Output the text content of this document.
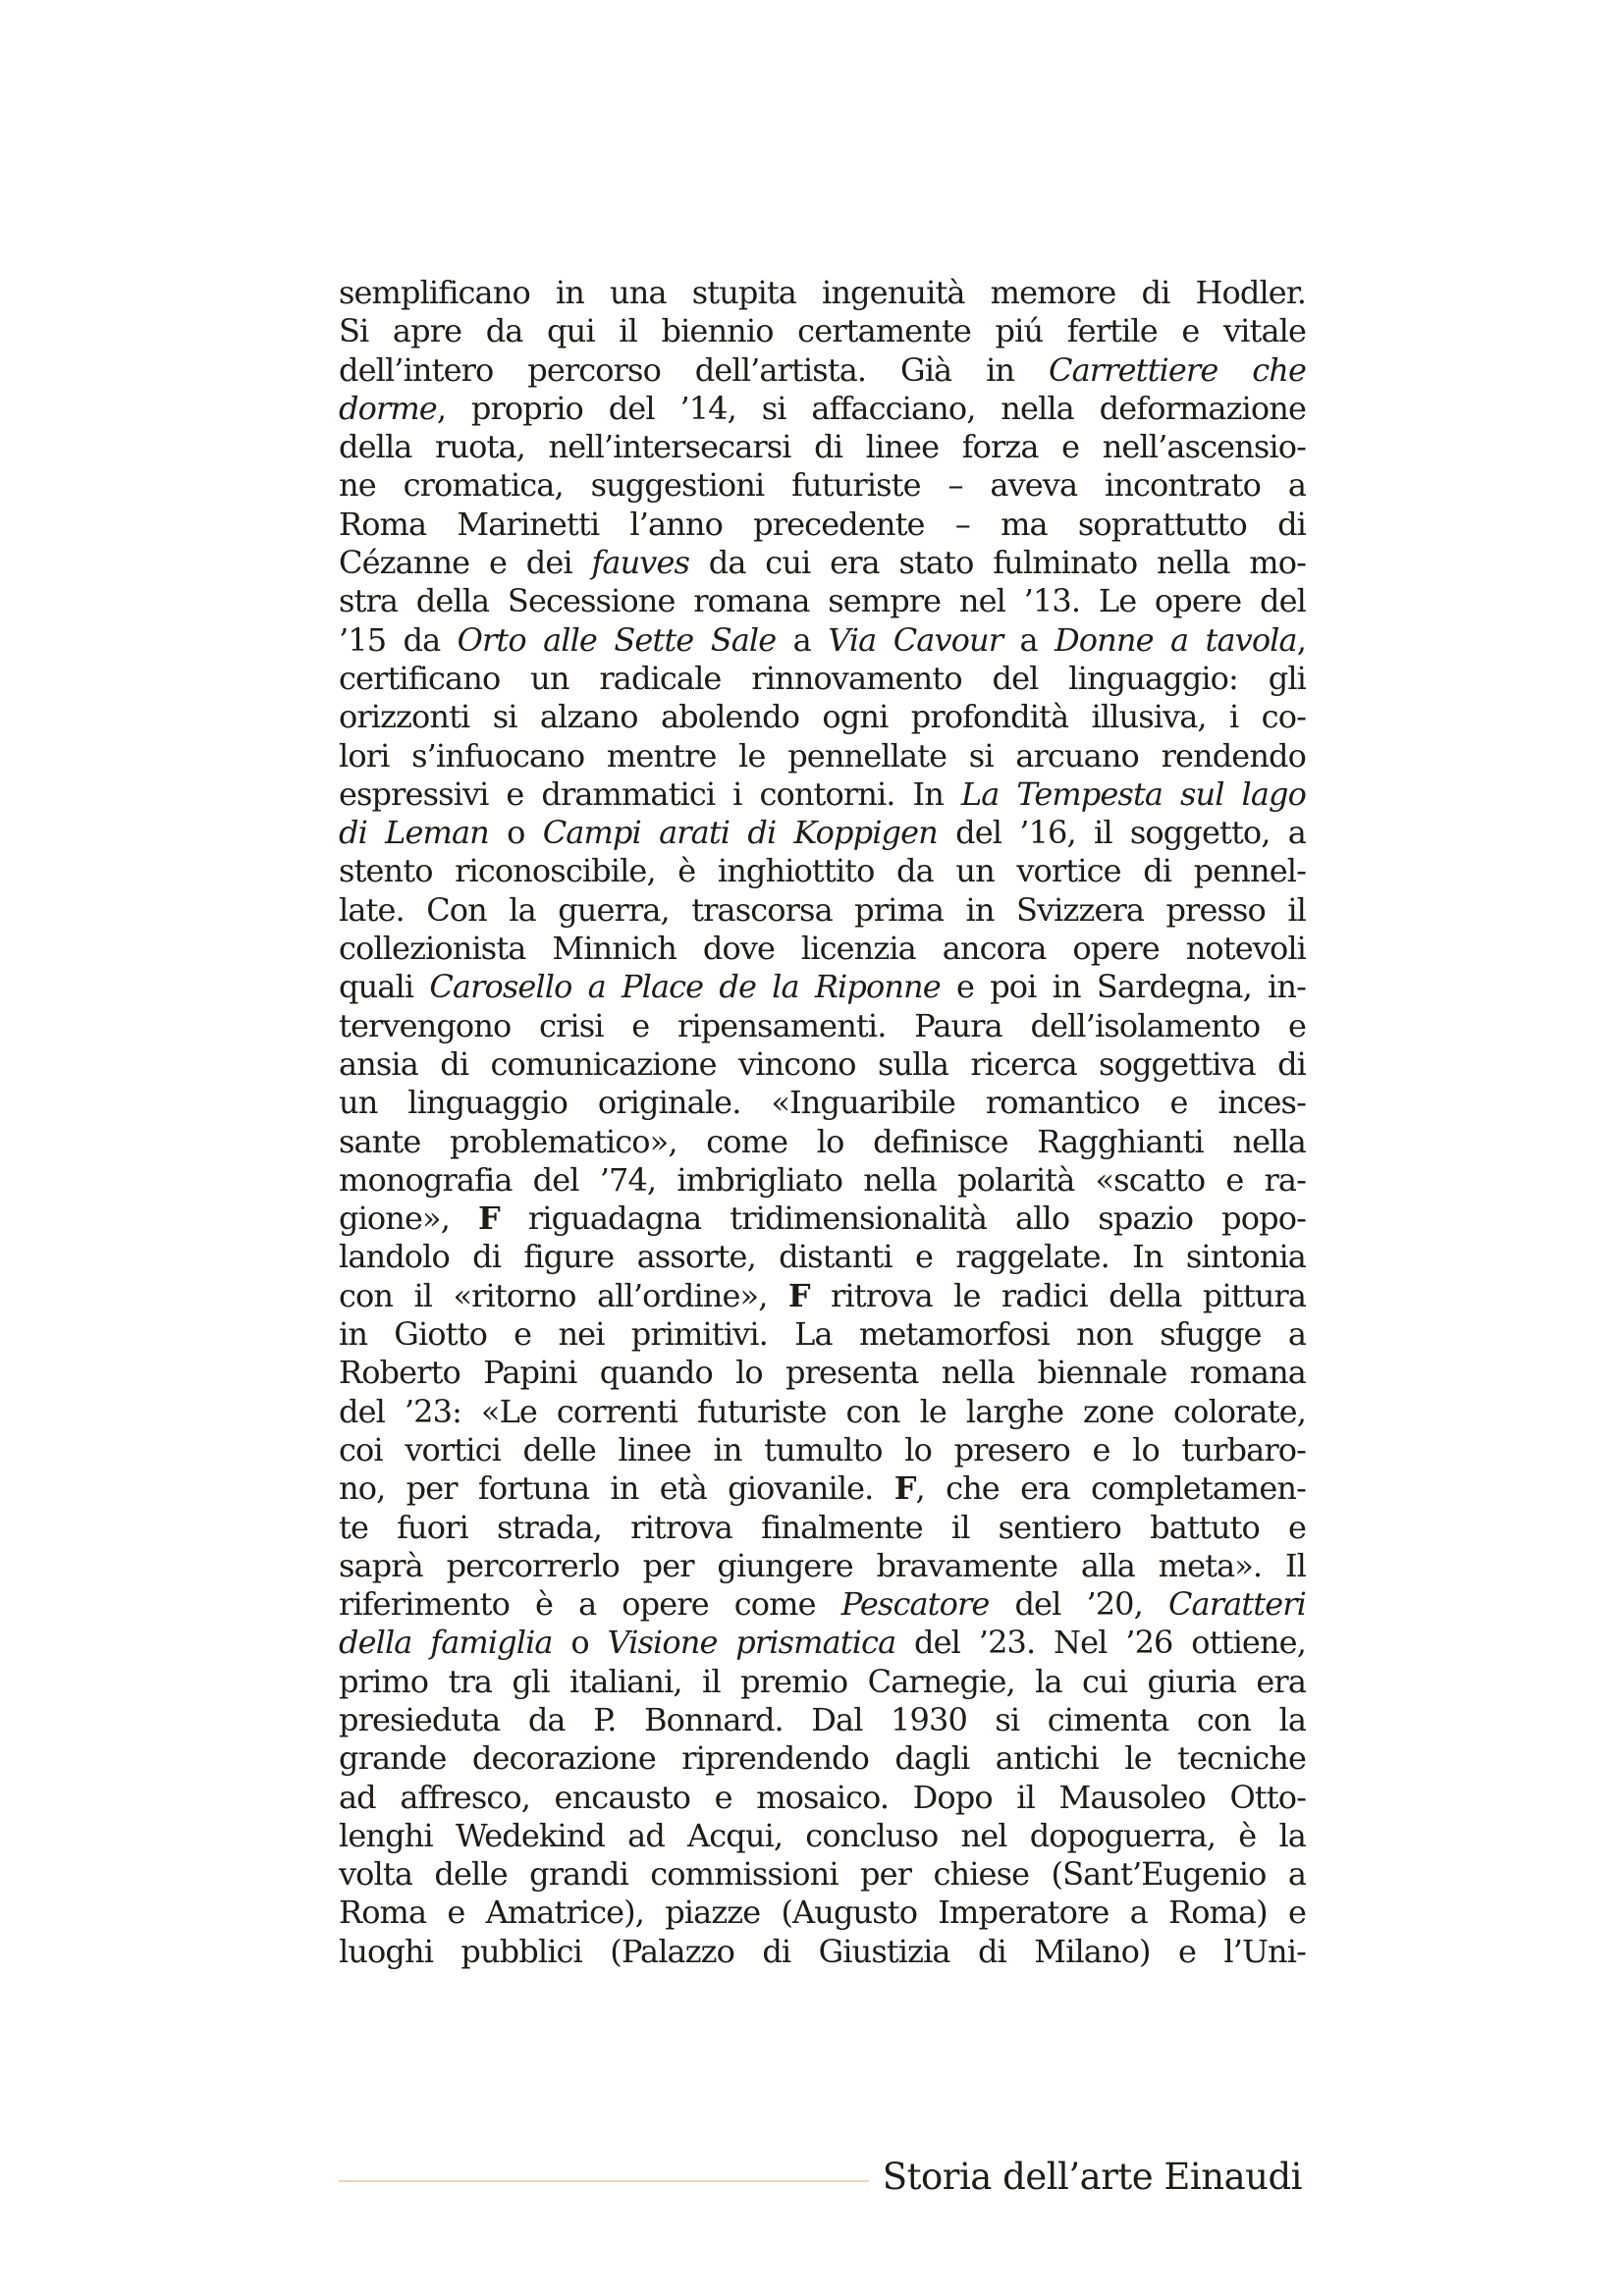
semplificano in una stupita ingenuità memore di Hodler.
Si apre da qui il biennio certamente piú fertile e vitale
dell’intero percorso dell’artista. Già in Carrettiere che
dorme, proprio del ’14, si affacciano, nella deformazione
della ruota, nell’intersecarsi di linee forza e nell’ascensio-
ne cromatica, suggestioni futuriste – aveva incontrato a
Roma Marinetti l’anno precedente – ma soprattutto di
Cézanne e dei fauves da cui era stato fulminato nella mo-
stra della Secessione romana sempre nel ’13. Le opere del
’15 da Orto alle Sette Sale a Via Cavour a Donne a tavola,
certificano un radicale rinnovamento del linguaggio: gli
orizzonti si alzano abolendo ogni profondità illusiva, i co-
lori s’infuocano mentre le pennellate si arcuano rendendo
espressivi e drammatici i contorni. In La Tempesta sul lago
di Leman o Campi arati di Koppigen del ’16, il soggetto, a
stento riconoscibile, è inghiottito da un vortice di pennel-
late. Con la guerra, trascorsa prima in Svizzera presso il
collezionista Minnich dove licenzia ancora opere notevoli
quali Carosello a Place de la Riponne e poi in Sardegna, in-
tervengono crisi e ripensamenti. Paura dell’isolamento e
ansia di comunicazione vincono sulla ricerca soggettiva di
un linguaggio originale. «Inguaribile romantico e inces-
sante problematico», come lo definisce Ragghianti nella
monografia del ’74, imbrigliato nella polarità «scatto e ra-
gione», F riguadagna tridimensionalità allo spazio popo-
landolo di figure assorte, distanti e raggelate. In sintonia
con il «ritorno all’ordine», F ritrova le radici della pittura
in Giotto e nei primitivi. La metamorfosi non sfugge a
Roberto Papini quando lo presenta nella biennale romana
del ’23: «Le correnti futuriste con le larghe zone colorate,
coi vortici delle linee in tumulto lo presero e lo turbaro-
no, per fortuna in età giovanile. F, che era completamen-
te fuori strada, ritrova finalmente il sentiero battuto e
saprà percorrerlo per giungere bravamente alla meta». Il
riferimento è a opere come Pescatore del ’20, Caratteri
della famiglia o Visione prismatica del ’23. Nel ’26 ottiene,
primo tra gli italiani, il premio Carnegie, la cui giuria era
presieduta da P. Bonnard. Dal 1930 si cimenta con la
grande decorazione riprendendo dagli antichi le tecniche
ad affresco, encausto e mosaico. Dopo il Mausoleo Otto-
lenghi Wedekind ad Acqui, concluso nel dopoguerra, è la
volta delle grandi commissioni per chiese (Sant’Eugenio a
Roma e Amatrice), piazze (Augusto Imperatore a Roma) e
luoghi pubblici (Palazzo di Giustizia di Milano) e l’Uni-
Storia dell’arte Einaudi
